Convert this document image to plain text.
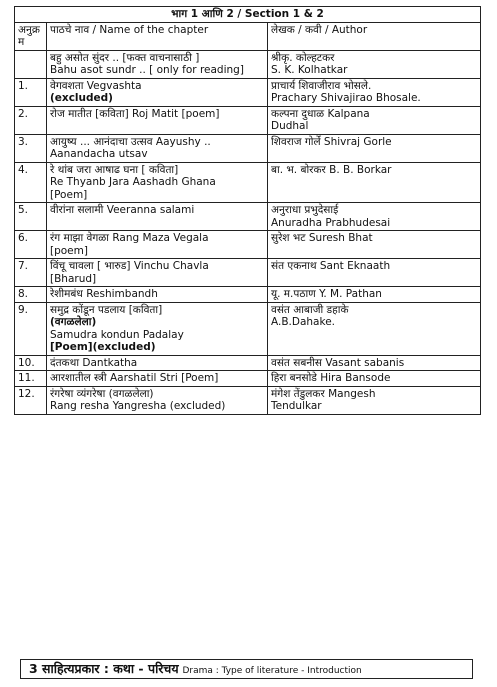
भाग 1 आणि 2 / Section 1 & 2		
अनुक्र म	पाठचे नाव / Name of the chapter	लेखक / कवी / Author

	बहु असोत सुंदर .. [फक्त वाचनासाठी ]
Bahu asot sundr .. [ only for reading]	श्रीकृ. कोल्हटकर
S. K. Kolhatkar

1.	वेगवशता Vegvashta
(excluded)	प्राचार्य शिवाजीराव भोसले.
Prachary Shivajirao Bhosale.

2.	रोज मातीत [कविता] Roj Matit [poem]	कल्पना दुधाळ Kalpana
Dudhal

3.	आयुष्य ... आनंदाचा उत्सव Aayushy ..
Aanandacha utsav	शिवराज गोर्ले Shivraj Gorle

4.	रे थांब जरा आषाढ घना [ कविता]
Re Thyanb Jara Aashadh Ghana
[Poem]	बा. भ. बोरकर B. B. Borkar

5.	वीरांना सलामी Veeranna salami	अनुराधा प्रभुदेसाई
Anuradha Prabhudesai

6.	रंग माझा वेगळा Rang Maza Vegala
[poem]	सुरेश भट Suresh Bhat

7.	विंचू चावला [ भारुड] Vinchu Chavla
[Bharud]	संत एकनाथ Sant Eknaath

8.	रेशीमबंध Reshimbandh	यू. म.पठाण Y. M. Pathan

9.	समुद्र कोंडून पडलाय [कविता]
(वगळलेला)
Samudra kondun Padalay
[Poem](excluded)	वसंत आबाजी डहाके
A.B.Dahake.

10.	दंतकथा Dantkatha	वसंत सबनीस Vasant sabanis

11.	आरशातील स्त्री Aarshatil Stri [Poem]	हिरा बनसोडे Hira Bansode

12.	रंगरेषा व्यंगरेषा (वगळलेला)
Rang resha Yangresha (excluded)	मंगेश तेंडुलकर Mangesh
Tendulkar
3 साहित्यप्रकार : कथा - परिचय Drama : Type of literature - Introduction
